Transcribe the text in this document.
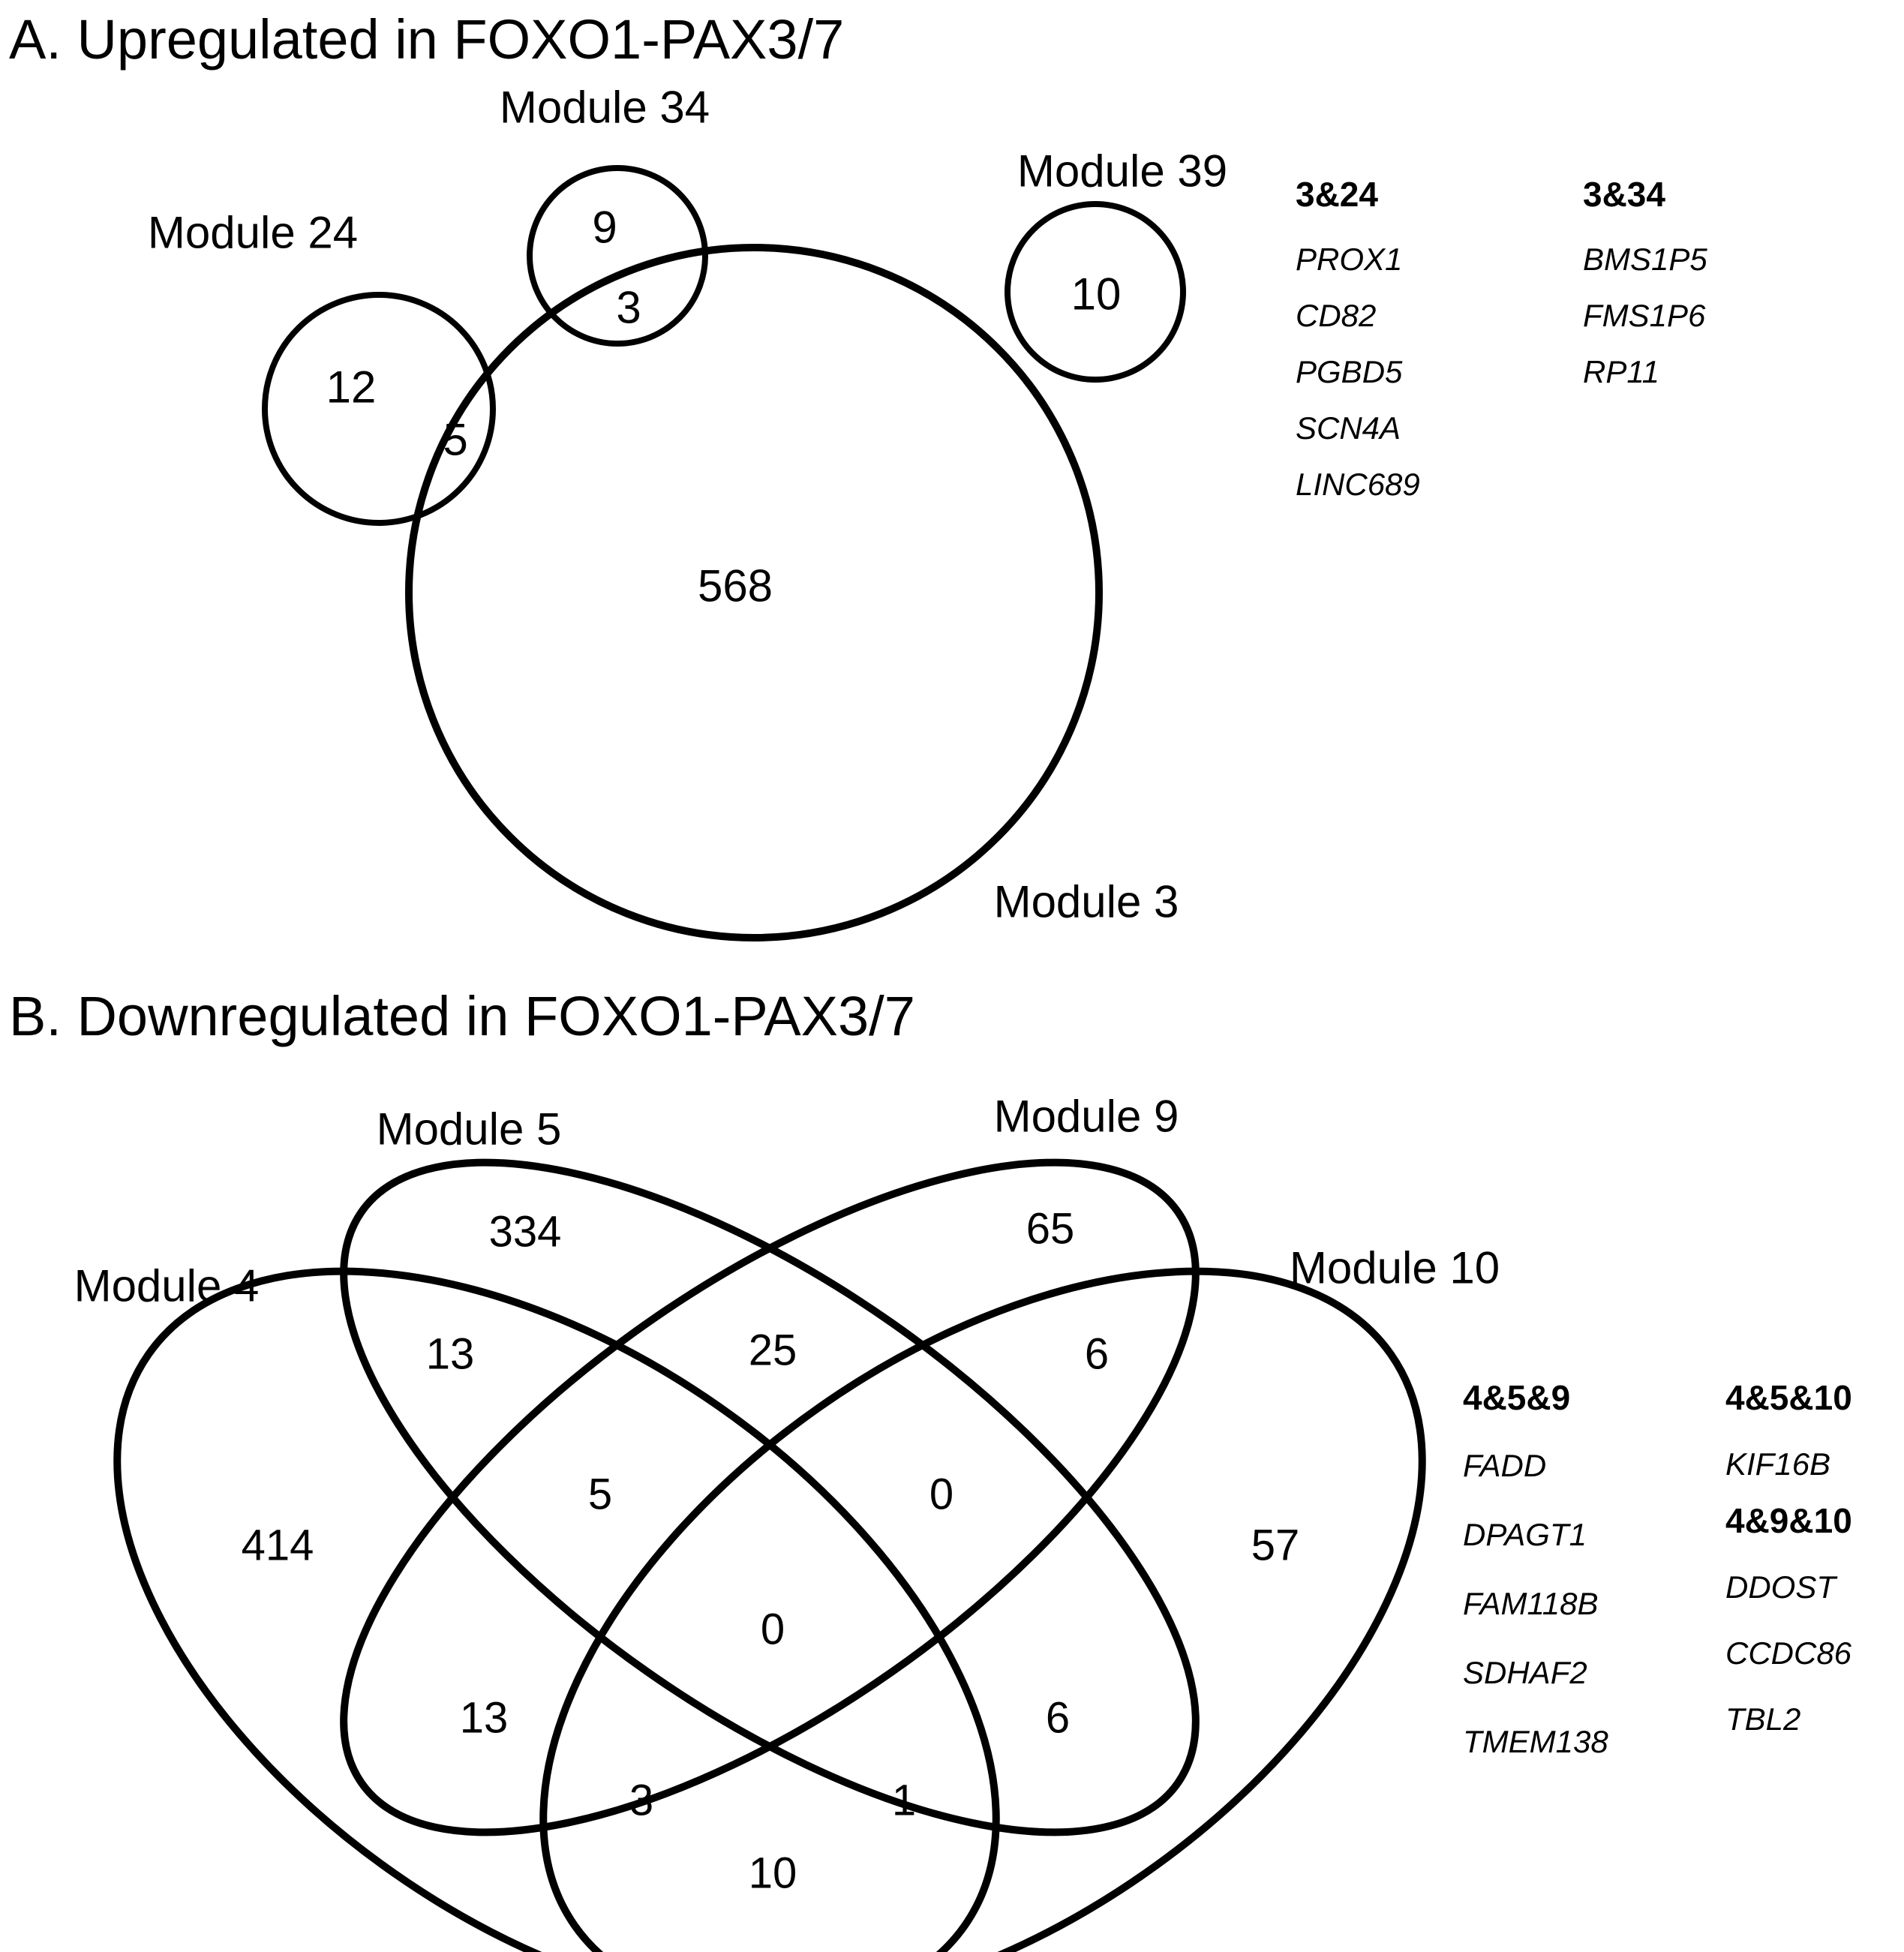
A. Upregulated in FOXO1-PAX3/7
Module 34
Module 24
Module 39
Module 3
9
3
12
5
10
568
3&24
PROX1
CD82
PGBD5
SCN4A
LINC689
3&34
BMS1P5
FMS1P6
RP11
B. Downregulated in FOXO1-PAX3/7
Module 5	Module 9
Module 4	Module 10
334	65
25
13	6
414
5	0
57
0
13	6
3	1
10
4&5&9
FADD
DPAGT1
FAM118B
SDHAF2
TMEM138
4&5&10
KIF16B
4&9&10
DDOST
CCDC86
TBL2
